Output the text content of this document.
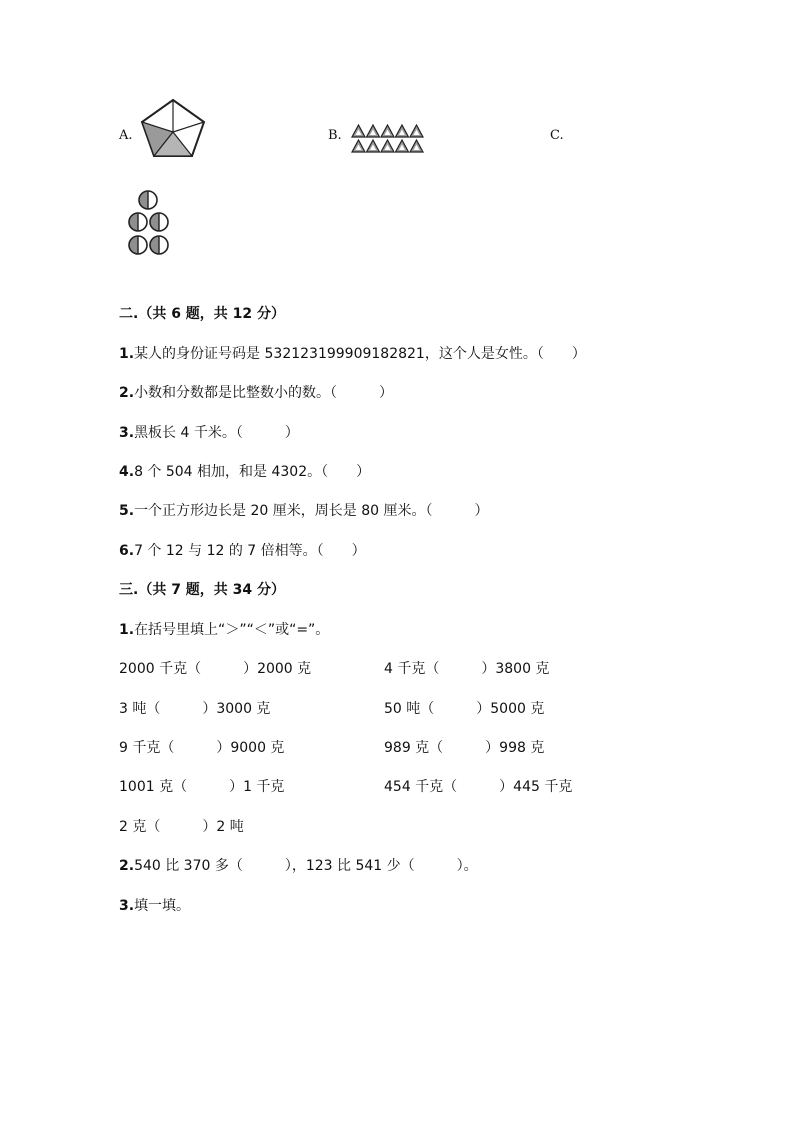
A.	B.	C.
二.（共 6 题，共 12 分）
1.某人的身份证号码是 532123199909182821，这个人是女性。（　　）
2.小数和分数都是比整数小的数。（　　　）
3.黑板长 4 千米。（　　　）
4.8 个 504 相加，和是 4302。（　　）
5.一个正方形边长是 20 厘米，周长是 80 厘米。（　　　）
6.7 个 12 与 12 的 7 倍相等。（　　）
三.（共 7 题，共 34 分）
1.在括号里填上“＞”“＜”或“=”。
2000 千克（　　　）2000 克	4 千克（　　　）3800 克
3 吨（　　　）3000 克	50 吨（　　　）5000 克
9 千克（　　　）9000 克	989 克（　　　）998 克
1001 克（　　　）1 千克	454 千克（　　　）445 千克
2 克（　　　）2 吨
2.540 比 370 多（　　　），123 比 541 少（　　　）。
3.填一填。
